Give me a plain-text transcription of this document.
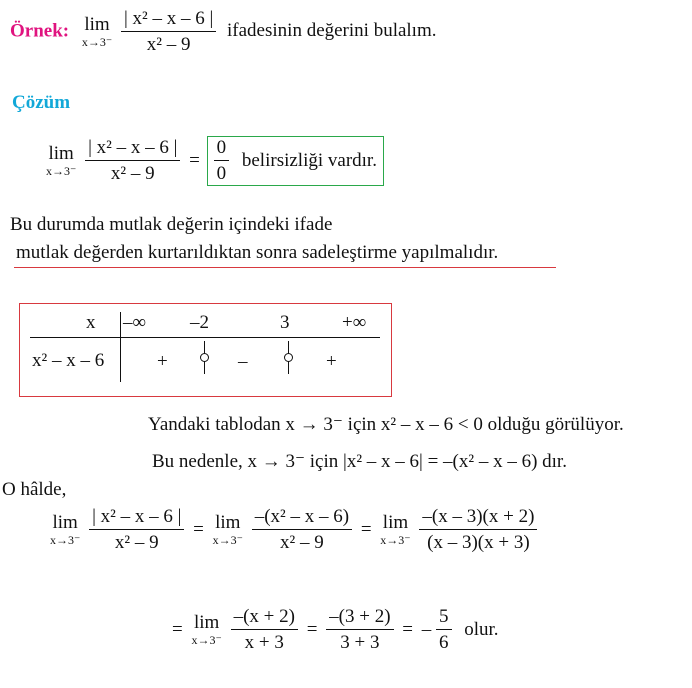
Örnek: lim
x→3⁻
$\frac{\text{| x² – x – 6 |}}{\text{x² – 9}}$ ifadesinin değerini bulalım.
Çözüm
lim
x→3⁻
$\frac{\text{| x² – x – 6 |}}{\text{x² – 9}} = \frac{0}{0}$ belirsizliği vardır.
Bu durumda mutlak değerin içindeki ifade
mutlak değerden kurtarıldıktan sonra sadeleştirme yapılmalıdır.
x –∞ –2	3	+∞
x² – x – 6	+	–	+
Yandaki tablodan x → 3⁻ için x² – x – 6 < 0 olduğu görülüyor.
Bu nedenle, x → 3⁻ için |x² – x – 6| = –(x² – x – 6) dır.
O hâlde,
lim
x→3⁻
$\frac{\text{| x² – x – 6 |}}{\text{x² – 9}} = \lim$
x→3⁻
$\frac{\text{–(x² – x – 6)}}{\text{x² – 9}} = \lim$
x→3⁻
$\frac{-(x - 3)(x + 2)}{(x - 3)(x + 3)}$
= lim
x→3⁻
$\frac{-(x + 2)}{x + 3} = \frac{-(3 + 2)}{3 + 3}$ = – $\frac{5}{6}$ olur.
